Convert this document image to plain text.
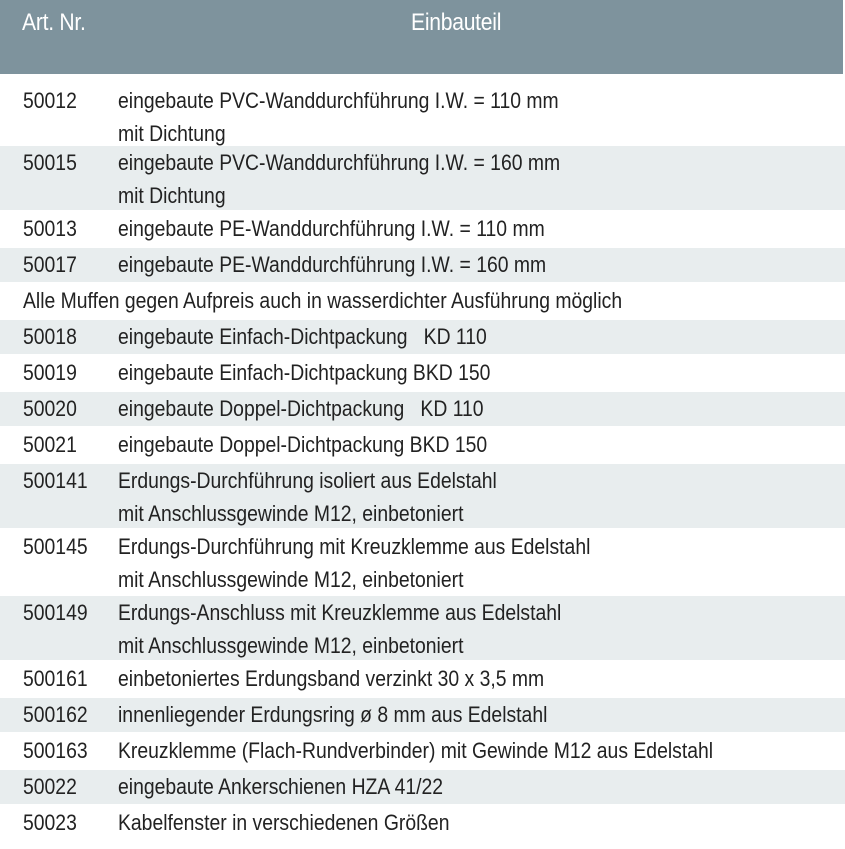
Art. Nr.	Einbauteil
50012 eingebaute PVC-Wanddurchführung I.W. = 110 mm
mit Dichtung
50015 eingebaute PVC-Wanddurchführung I.W. = 160 mm
mit Dichtung
50013 eingebaute PE-Wanddurchführung I.W. = 110 mm
50017 eingebaute PE-Wanddurchführung I.W. = 160 mm
Alle Muffen gegen Aufpreis auch in wasserdichter Ausführung möglich
50018 eingebaute Einfach-Dichtpackung   KD 110
50019 eingebaute Einfach-Dichtpackung BKD 150
50020 eingebaute Doppel-Dichtpackung   KD 110
50021 eingebaute Doppel-Dichtpackung BKD 150
500141 Erdungs-Durchführung isoliert aus Edelstahl
mit Anschlussgewinde M12, einbetoniert
500145 Erdungs-Durchführung mit Kreuzklemme aus Edelstahl
mit Anschlussgewinde M12, einbetoniert
500149 Erdungs-Anschluss mit Kreuzklemme aus Edelstahl
mit Anschlussgewinde M12, einbetoniert
500161 einbetoniertes Erdungsband verzinkt 30 x 3,5 mm
500162 innenliegender Erdungsring ø 8 mm aus Edelstahl
500163 Kreuzklemme (Flach-Rundverbinder) mit Gewinde M12 aus Edelstahl
50022 eingebaute Ankerschienen HZA 41/22
50023 Kabelfenster in verschiedenen Größen
